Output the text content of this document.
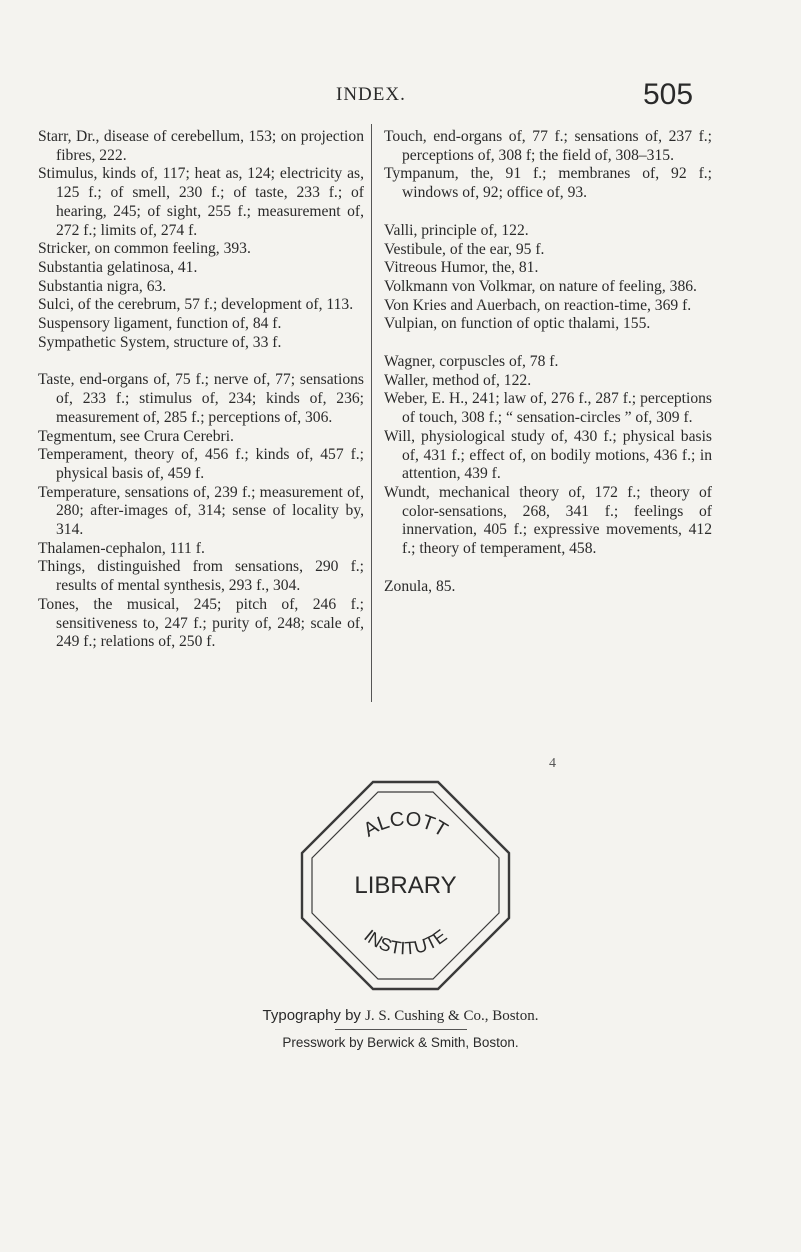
INDEX.	505

Starr, Dr., disease of cerebellum, 153; on projection fibres, 222.

Stimulus, kinds of, 117; heat as, 124; electricity as, 125 f.; of smell, 230 f.; of taste, 233 f.; of hearing, 245; of sight, 255 f.; measurement of, 272 f.; limits of, 274 f.

Stricker, on common feeling, 393.

Substantia gelatinosa, 41.

Substantia nigra, 63.

Sulci, of the cerebrum, 57 f.; development of, 113.

Suspensory ligament, function of, 84 f.

Sympathetic System, structure of, 33 f.

Taste, end-organs of, 75 f.; nerve of, 77; sensations of, 233 f.; stimulus of, 234; kinds of, 236; measurement of, 285 f.; perceptions of, 306.

Tegmentum, see Crura Cerebri.

Temperament, theory of, 456 f.; kinds of, 457 f.; physical basis of, 459 f.

Temperature, sensations of, 239 f.; measurement of, 280; after-images of, 314; sense of locality by, 314.

Thalamen-cephalon, 111 f.

Things, distinguished from sensations, 290 f.; results of mental synthesis, 293 f., 304.

Tones, the musical, 245; pitch of, 246 f.; sensitiveness to, 247 f.; purity of, 248; scale of, 249 f.; relations of, 250 f.

Touch, end-organs of, 77 f.; sensations of, 237 f.; perceptions of, 308 f; the field of, 308–315.

Tympanum, the, 91 f.; membranes of, 92 f.; windows of, 92; office of, 93.

Valli, principle of, 122.

Vestibule, of the ear, 95 f.

Vitreous Humor, the, 81.

Volkmann von Volkmar, on nature of feeling, 386.

Von Kries and Auerbach, on reaction-time, 369 f.

Vulpian, on function of optic thalami, 155.

Wagner, corpuscles of, 78 f.

Waller, method of, 122.

Weber, E. H., 241; law of, 276 f., 287 f.; perceptions of touch, 308 f.; “ sensation-circles ” of, 309 f.

Will, physiological study of, 430 f.; physical basis of, 431 f.; effect of, on bodily motions, 436 f.; in attention, 439 f.

Wundt, mechanical theory of, 172 f.; theory of color-sensations, 268, 341 f.; feelings of innervation, 405 f.; expressive movements, 412 f.; theory of temperament, 458.

Zonula, 85.

4
ALCOTT
LIBRARY
INSTITUTE
Typography by J. S. Cushing & Co., Boston.
Presswork by Berwick & Smith, Boston.
